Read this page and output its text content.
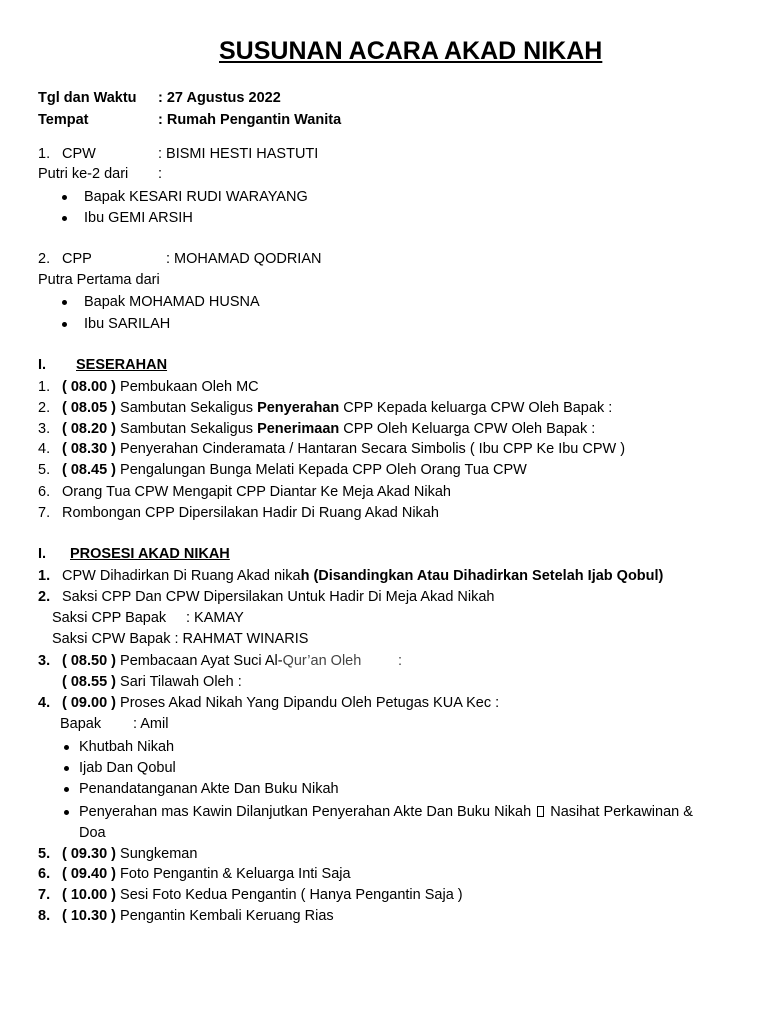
SUSUNAN ACARA AKAD NIKAH
Tgl dan Waktu : 27 Agustus 2022
Tempat	: Rumah Pengantin Wanita
1. CPW	: BISMI HESTI HASTUTI
Putri ke-2 dari :
Bapak KESARI RUDI WARAYANG
Ibu GEMI ARSIH
2. CPP	: MOHAMAD QODRIAN
Putra Pertama dari
Bapak MOHAMAD HUSNA
Ibu SARILAH
I. SESERAHAN
1. ( 08.00 ) Pembukaan Oleh MC
2. ( 08.05 ) Sambutan Sekaligus Penyerahan CPP Kepada keluarga CPW Oleh Bapak :
3. ( 08.20 ) Sambutan Sekaligus Penerimaan CPP Oleh Keluarga CPW Oleh Bapak :
4. ( 08.30 ) Penyerahan Cinderamata / Hantaran Secara Simbolis ( Ibu CPP Ke Ibu CPW )
5. ( 08.45 ) Pengalungan Bunga Melati Kepada CPP Oleh Orang Tua CPW
6. Orang Tua CPW Mengapit CPP Diantar Ke Meja Akad Nikah
7. Rombongan CPP Dipersilakan Hadir Di Ruang Akad Nikah
I. PROSESI AKAD NIKAH
1. CPW Dihadirkan Di Ruang Akad nikah (Disandingkan Atau Dihadirkan Setelah Ijab Qobul)
2. Saksi CPP Dan CPW Dipersilakan Untuk Hadir Di Meja Akad Nikah
Saksi CPP Bapak : KAMAY
Saksi CPW Bapak : RAHMAT WINARIS
3. ( 08.50 ) Pembacaan Ayat Suci Al-Qur’an Oleh	:
( 08.55 ) Sari Tilawah Oleh :
4. ( 09.00 ) Proses Akad Nikah Yang Dipandu Oleh Petugas KUA Kec :
Bapak : Amil
Khutbah Nikah
Ijab Dan Qobul
Penandatanganan Akte Dan Buku Nikah
Penyerahan mas Kawin Dilanjutkan Penyerahan Akte Dan Buku Nikah Nasihat Perkawinan &
Doa
5. ( 09.30 ) Sungkeman
6. ( 09.40 ) Foto Pengantin & Keluarga Inti Saja
7. ( 10.00 ) Sesi Foto Kedua Pengantin ( Hanya Pengantin Saja )
8. ( 10.30 ) Pengantin Kembali Keruang Rias
